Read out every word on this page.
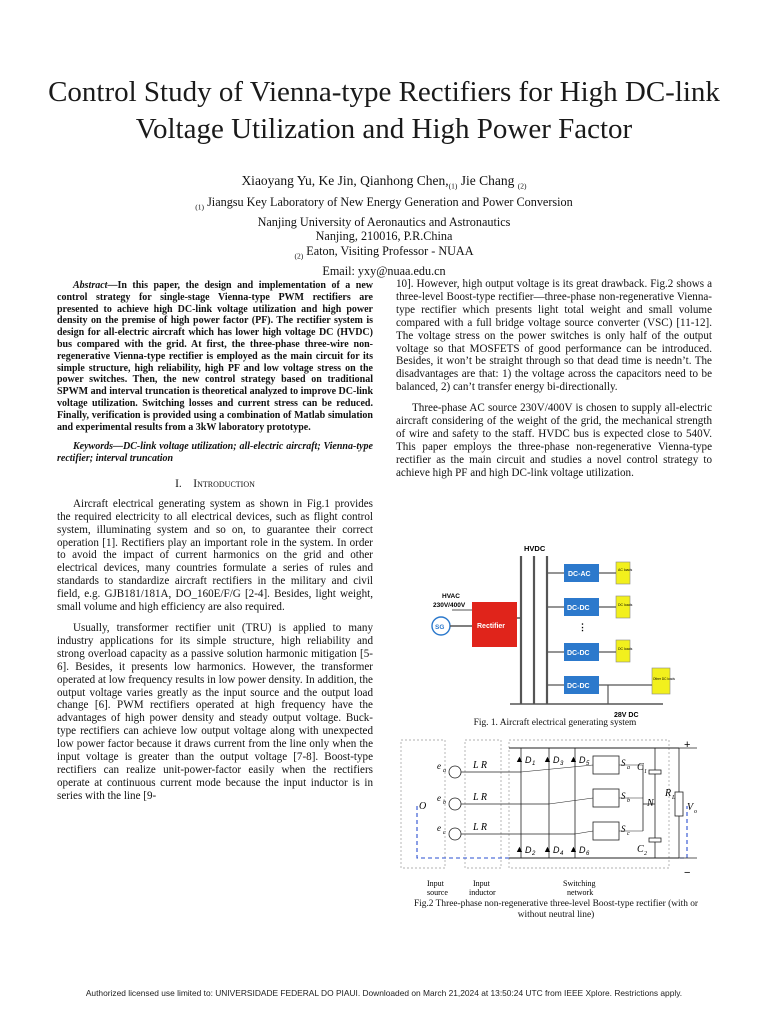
Control Study of Vienna-type Rectifiers for High DC-link Voltage Utilization and High Power Factor
Xiaoyang Yu, Ke Jin, Qianhong $Chen,_{(1)}$ Jie Chang $_{(2)}$
$_{(1)}$ Jiangsu Key Laboratory of New Energy Generation and Power Conversion
Nanjing University of Aeronautics and Astronautics
Nanjing, 210016, P.R.China
$_{(2)}$ Eaton, Visiting Professor - NUAA
Email: yxy@nuaa.edu.cn

Abstract—In this paper, the design and implementation of a new control strategy for single-stage Vienna-type PWM rectifiers are presented to achieve high DC-link voltage utilization and high power density on the premise of high power factor (PF). The rectifier system is design for all-electric aircraft which has lower high voltage DC (HVDC) bus compared with the grid. At first, the three-phase three-wire non-regenerative Vienna-type rectifier is employed as the main circuit for its simple structure, high reliability, high PF and low voltage stress on the power switches. Then, the new control strategy based on traditional SPWM and interval truncation is theoretical analyzed to improve DC-link voltage utilization. Switching losses and current stress can be reduced. Finally, verification is provided using a combination of Matlab simulation and experimental results from a 3kW laboratory prototype.

Keywords—DC-link voltage utilization; all-electric aircraft; Vienna-type rectifier; interval truncation

I. Introduction

Aircraft electrical generating system as shown in Fig.1 provides the required electricity to all electrical devices, such as flight control system, illuminating system and so on, to guarantee their correct operation [1]. Rectifiers play an important role in the system. In order to avoid the impact of current harmonics on the grid and other electrical devices, many countries formulate a series of rules and standards to standardize aircraft rectifiers in the military and civil field, e.g. GJB181/181A, DO_160E/F/G [2-4]. Besides, light weight, small volume and high efficiency are also required.

Usually, transformer rectifier unit (TRU) is applied to many industry applications for its simple structure, high reliability and strong overload capacity as a passive solution harmonic mitigation [5-6]. Besides, it presents low harmonics. However, the transformer operated at low frequency results in low power density. In addition, the output voltage varies greatly as the input source and the output load change [6]. PWM rectifiers operated at high frequency have the advantages of high power density and steady output voltage. Buck-type rectifiers can achieve low output voltage along with unexpected low power factor because it draws current from the line only when the input voltage is greater than the output voltage [7-8]. Boost-type rectifiers can realize unit-power-factor easily when the rectifiers operate at continuous current mode because the input inductor is in series with the line [9-

10]. However, high output voltage is its great drawback. Fig.2 shows a three-level Boost-type rectifier—three-phase non-regenerative Vienna-type rectifier which presents light total weight and small volume compared with a full bridge voltage source converter (VSC) [11-12]. The voltage stress on the power switches is only half of the output voltage so that MOSFETS of good performance can be introduced. Besides, it won’t be straight through so that dead time is needn’t. The disadvantages are that: 1) the voltage across the capacitors need to be balanced, 2) can’t transfer energy bi-directionally.

Three-phase AC source 230V/400V is chosen to supply all-electric aircraft considering of the weight of the grid, the mechanical strength of wire and safety to the staff. HVDC bus is expected close to 540V. This paper employs the three-phase non-regenerative Vienna-type rectifier as the main circuit and studies a novel control strategy to achieve high PF and high DC-link voltage utilization.

HVDC
28V DC
HVAC
230V/400V
SG	Rectifier
DC-AC
DC-DC
DC-DC
DC-DC
⋮
AC loads
DC loads
DC loads
Other DC loads
Fig. 1. Aircraft electrical generating system
e a	L R
e b	L R
e c	L R
O
▲ D 1 ▲ D 3 ▲ D 5
▲ D 2 ▲ D 4 ▲ D 6
S a
S b
S c
C 1
C 2
N
R L
+
−
V o
Input
source
Input
inductor
Switching
network
Fig.2 Three-phase non-regenerative three-level Boost-type rectifier (with or without neutral line)
Authorized licensed use limited to: UNIVERSIDADE FEDERAL DO PIAUI. Downloaded on March 21,2024 at 13:50:24 UTC from IEEE Xplore. Restrictions apply.
